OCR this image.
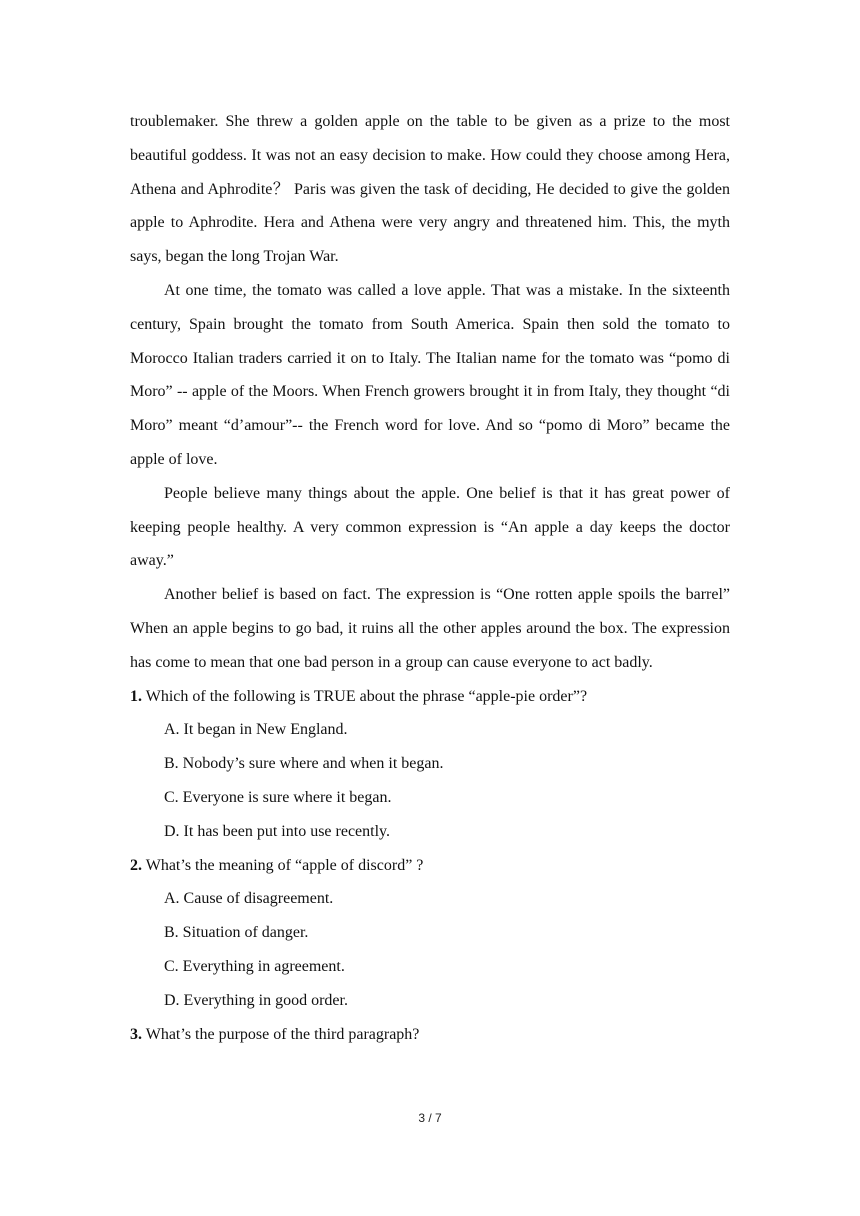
troublemaker. She threw a golden apple on the table to be given as a prize to the most beautiful goddess. It was not an easy decision to make. How could they choose among Hera, Athena and Aphrodite？ Paris was given the task of deciding, He decided to give the golden apple to Aphrodite. Hera and Athena were very angry and threatened him. This, the myth says, began the long Trojan War.

At one time, the tomato was called a love apple. That was a mistake. In the sixteenth century, Spain brought the tomato from South America. Spain then sold the tomato to Morocco Italian traders carried it on to Italy. The Italian name for the tomato was “pomo di Moro” -- apple of the Moors. When French growers brought it in from Italy, they thought “di Moro” meant “d’amour”-- the French word for love. And so “pomo di Moro” became the apple of love.

People believe many things about the apple. One belief is that it has great power of keeping people healthy. A very common expression is “An apple a day keeps the doctor away.”

Another belief is based on fact. The expression is “One rotten apple spoils the barrel” When an apple begins to go bad, it ruins all the other apples around the box. The expression has come to mean that one bad person in a group can cause everyone to act badly.

1. Which of the following is TRUE about the phrase “apple-pie order”?

A. It began in New England.

B. Nobody’s sure where and when it began.

C. Everyone is sure where it began.

D. It has been put into use recently.

2. What’s the meaning of “apple of discord” ?

A. Cause of disagreement.

B. Situation of danger.

C. Everything in agreement.

D. Everything in good order.

3. What’s the purpose of the third paragraph?

3 / 7
